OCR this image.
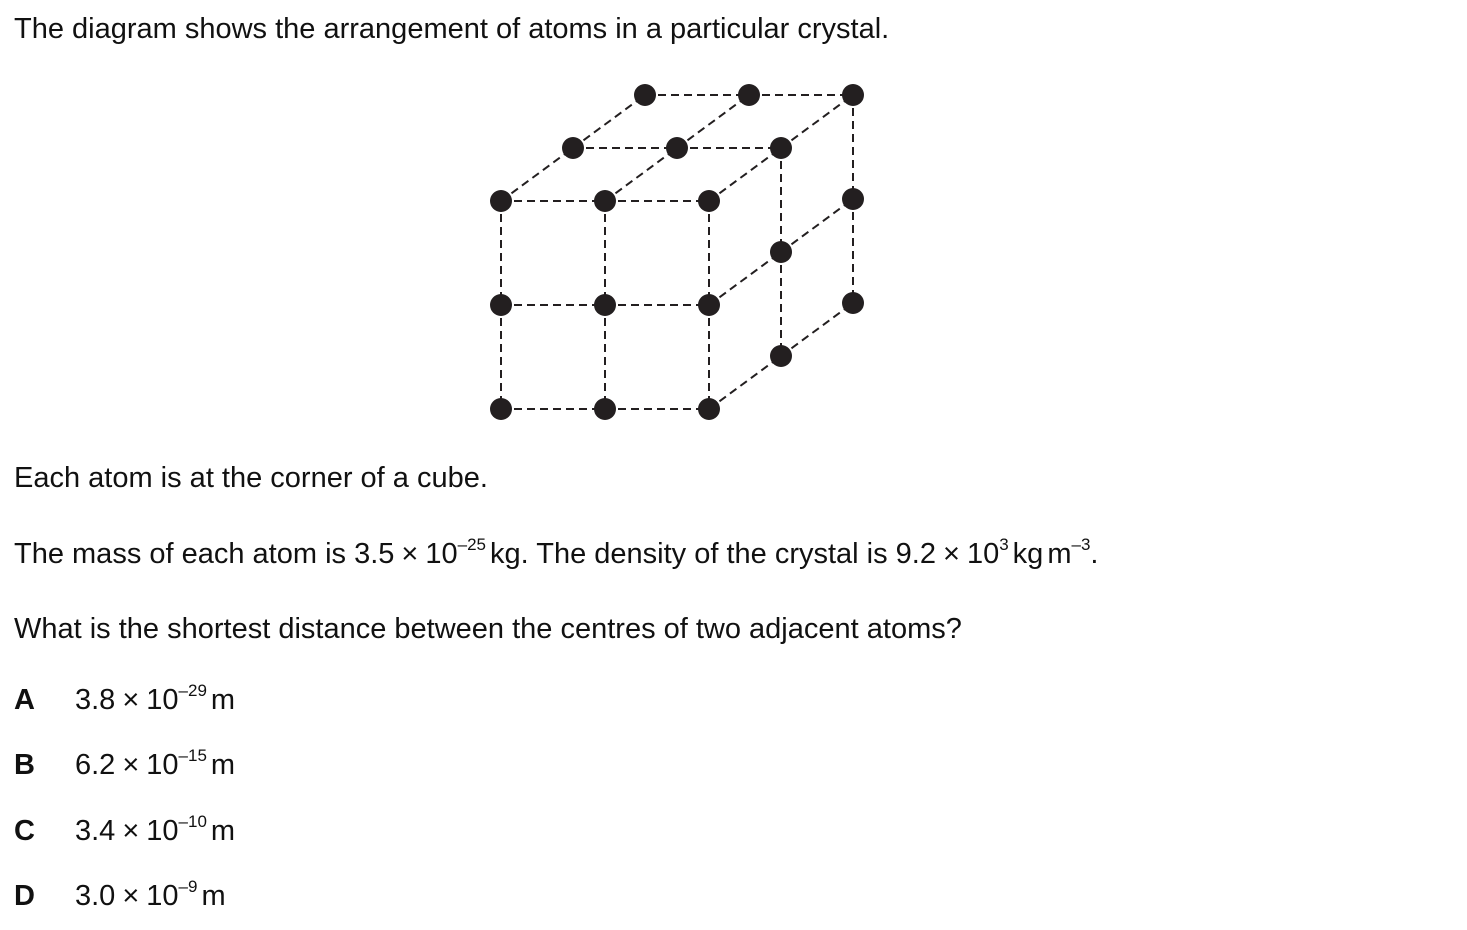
The diagram shows the arrangement of atoms in a particular crystal.
Each atom is at the corner of a cube.
The mass of each atom is $3.5 \times 10^{-25}$ kg. The density of the crystal is $9.2 \times 10^3$ kg $m^{-3}$.
What is the shortest distance between the centres of two adjacent atoms?
A $3.8 \times 10^{-29}$ m
B $6.2 \times 10^{-15}$ m
C $3.4 \times 10^{-10}$ m
D $3.0 \times 10^{-9}$ m
